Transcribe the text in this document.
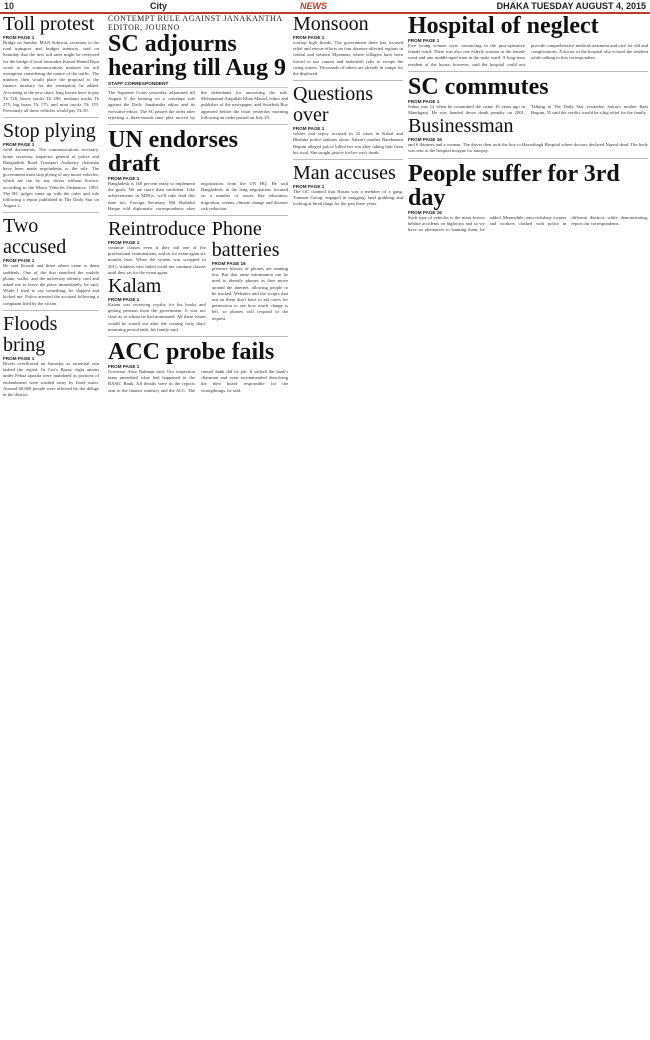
10	City	NEWS	DHAKA TUESDAY AUGUST 4, 2015
Toll protest
FROM PAGE 1
Bridge on Sunday. MAN Sohrwar, secretary to the road transport and bridges ministry, said on Saturday that the new toll rates might be reviewed for the bridge if local lawmaker Kamal Hamid Ripu wrote to the communications minister for toll exemption considering the nature of the traffic. The ministry then would place the proposal to the finance ministry for the exemption, he added. According to the new chart, long lorries have to pay Tk 726, heavy trucks Tk 290, medium trucks Tk 275, big buses Tk 175, and mini trucks Tk 170. Previously all these vehicles would pay Tk 50.
Stop plying
FROM PAGE 1
valid documents. The communications secretary, home secretary, inspector general of police and Bangladesh Road Transport Authority chairman have been made respondents to the rule. The government must stop plying of any motor vehicles, which are run by any driver without licence, according to the Motor Vehicles Ordinance, 1983. The HC judges came up with the order and rule following a report published in The Daily Star on August 2.
Two accused
FROM PAGE 1
He said Kousik and three others came to them suddenly. One of the duo snatched the mobile phone, wallet, and the university identity card and asked me to leave the place immediately, he said. While I tried to say something, he slapped and kicked me. Police arrested the accused following a complaint filed by the victim.
Floods bring
FROM PAGE 1
Rivers overflowed on Saturday as torrential rain lashed the region. In Cox's Bazar, eight unions under Pekua upazila were inundated as portions of embankment were washed away by flood water. Around 60,000 people were affected by the deluge in the district.
CONTEMPT RULE AGAINST JANAKANTHA EDITOR, JOURNO
SC adjourns hearing till Aug 9
STAFF CORRESPONDENT
The Supreme Court yesterday adjourned till August 9 the hearing on a contempt rule against the Daily Janakantha editor and its executive editor. The SC passed the order after rejecting a three-month time plea moved by the defendants for answering the rule. Mohammad Atiqullah Khan Masud, editor and publisher of the newspaper, and Swadesh Roy appeared before the court yesterday morning following an order passed on July 29.
UN endorses draft
FROM PAGE 1
Bangladesh is 160 percent ready to implement the goals. We are more than confident. Like achievements in MDGs, we'll take lead this time too, Foreign Secretary Md Shahidul Haque told diplomatic correspondents after negotiations from the UN HQ. He said Bangladesh, in the long negotiation, focused on a number of issues like education, migration, oceans, climate change and disaster risk reduction.
Reintroduce
FROM PAGE 1
continue classes even if they fail one of the professional examinations, and sit for exam again six months later. When the system was scrapped in 2011, students who failed could not continue classes until they sat for the exam again.
Kalam
FROM PAGE 1
Kalam was receiving royalty for his books and getting pension from the government. It was not clear as to whom he had nominated. All these issues would be sorted out after the coming forty days' mourning period ends, his family said.
Phone batteries
FROM PAGE 16
presence history of phones are running low. But that same information can be used to identify phones as they move around the internet, allowing people to be tracked. Websites and the scripts that run on them don't have to ask users for permission to see how much charge is left, so phones will respond to the request.
ACC probe fails
FROM PAGE 1
Governor Atiur Rahman said, Our inspection team unearthed what had happened in the BASIC Bank. All details were in the reports sent to the finance ministry and the ACC. The central bank did its job. It sacked the bank's chairman and even recommended dissolving the then board responsible for the wrongdoings, he said.
Monsoon
FROM PAGE 1
rooftop high floods. The government there has focused relief and rescue efforts on four disaster-affected regions in central and western Myanmar, where villagers have been forced to use canoes and makeshift rafts to escape the rising waters. Thousands of others are already in camps for the displaced.
Questions over
FROM PAGE 1
soldier and sepoy accused in 32 cases in Kabul and Bhaluka police stations alone. Salam's mother Barebanara Begum alleged police killed her son after taking him from his rival. She sought justice for her son's death.
Man accuses
FROM PAGE 1
The OC claimed that Hasan was a member of a gang, Tonmon Group, engaged in mugging, land grabbing and looking at hired thugs for the past three years.
Hospital of neglect
FROM PAGE 1
Five young women were contracting in the post-operative female ward. There was also one elderly woman in the female ward and one middle-aged man in the male ward. A long-term resident of the house, however, said the hospital could not provide comprehensive medical treatment and care for old and complications. A doctor of the hospital also echoed the resident while talking to this correspondent.
SC commutes
FROM PAGE 1
Sukur was 14 when he committed the crime 16 years ago in Manikganj. He was handed down death penalty on 2001. Talking to The Daily Star yesterday, Sukur's mother Rani Begum, 55 said the verdict would be a big relief for the family.
Businessman
FROM PAGE 16
and 6 thinners and a woman. The driver then took the boy to Hazaribagh Hospital where doctors declared Nazrul dead. The body was sent to the hospital morgue for autopsy.
People suffer for 3rd day
FROM PAGE 16
Such type of vehicles is the main reason behind accidents on highways and so we have no alternative to banning them, he added. Meanwhile, auto-rickshaw owners and workers clashed with police in different districts while demonstrating, report our correspondents.
